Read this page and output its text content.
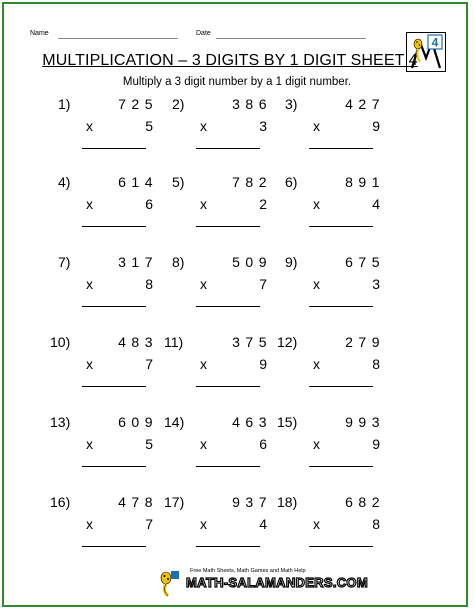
Name	Date
4
MULTIPLICATION – 3 DIGITS BY 1 DIGIT SHEET 4
Multiply a 3 digit number by a 1 digit number.
1)	725
x	5
2)	386
x	3
3)	427
x	9
4)	614
x	6
5)	782
x	2
6)	891
x	4
7)	317
x	8
8)	509
x	7
9)	675
x	3
10)	483
x	7
11)	375
x	9
12)	279
x	8
13)	609
x	5
14)	463
x	6
15)	993
x	9
16)	478
x	7
17)	937
x	4
18)	682
x	8
Free Math Sheets, Math Games and Math Help
MATH-SALAMANDERS.COM
